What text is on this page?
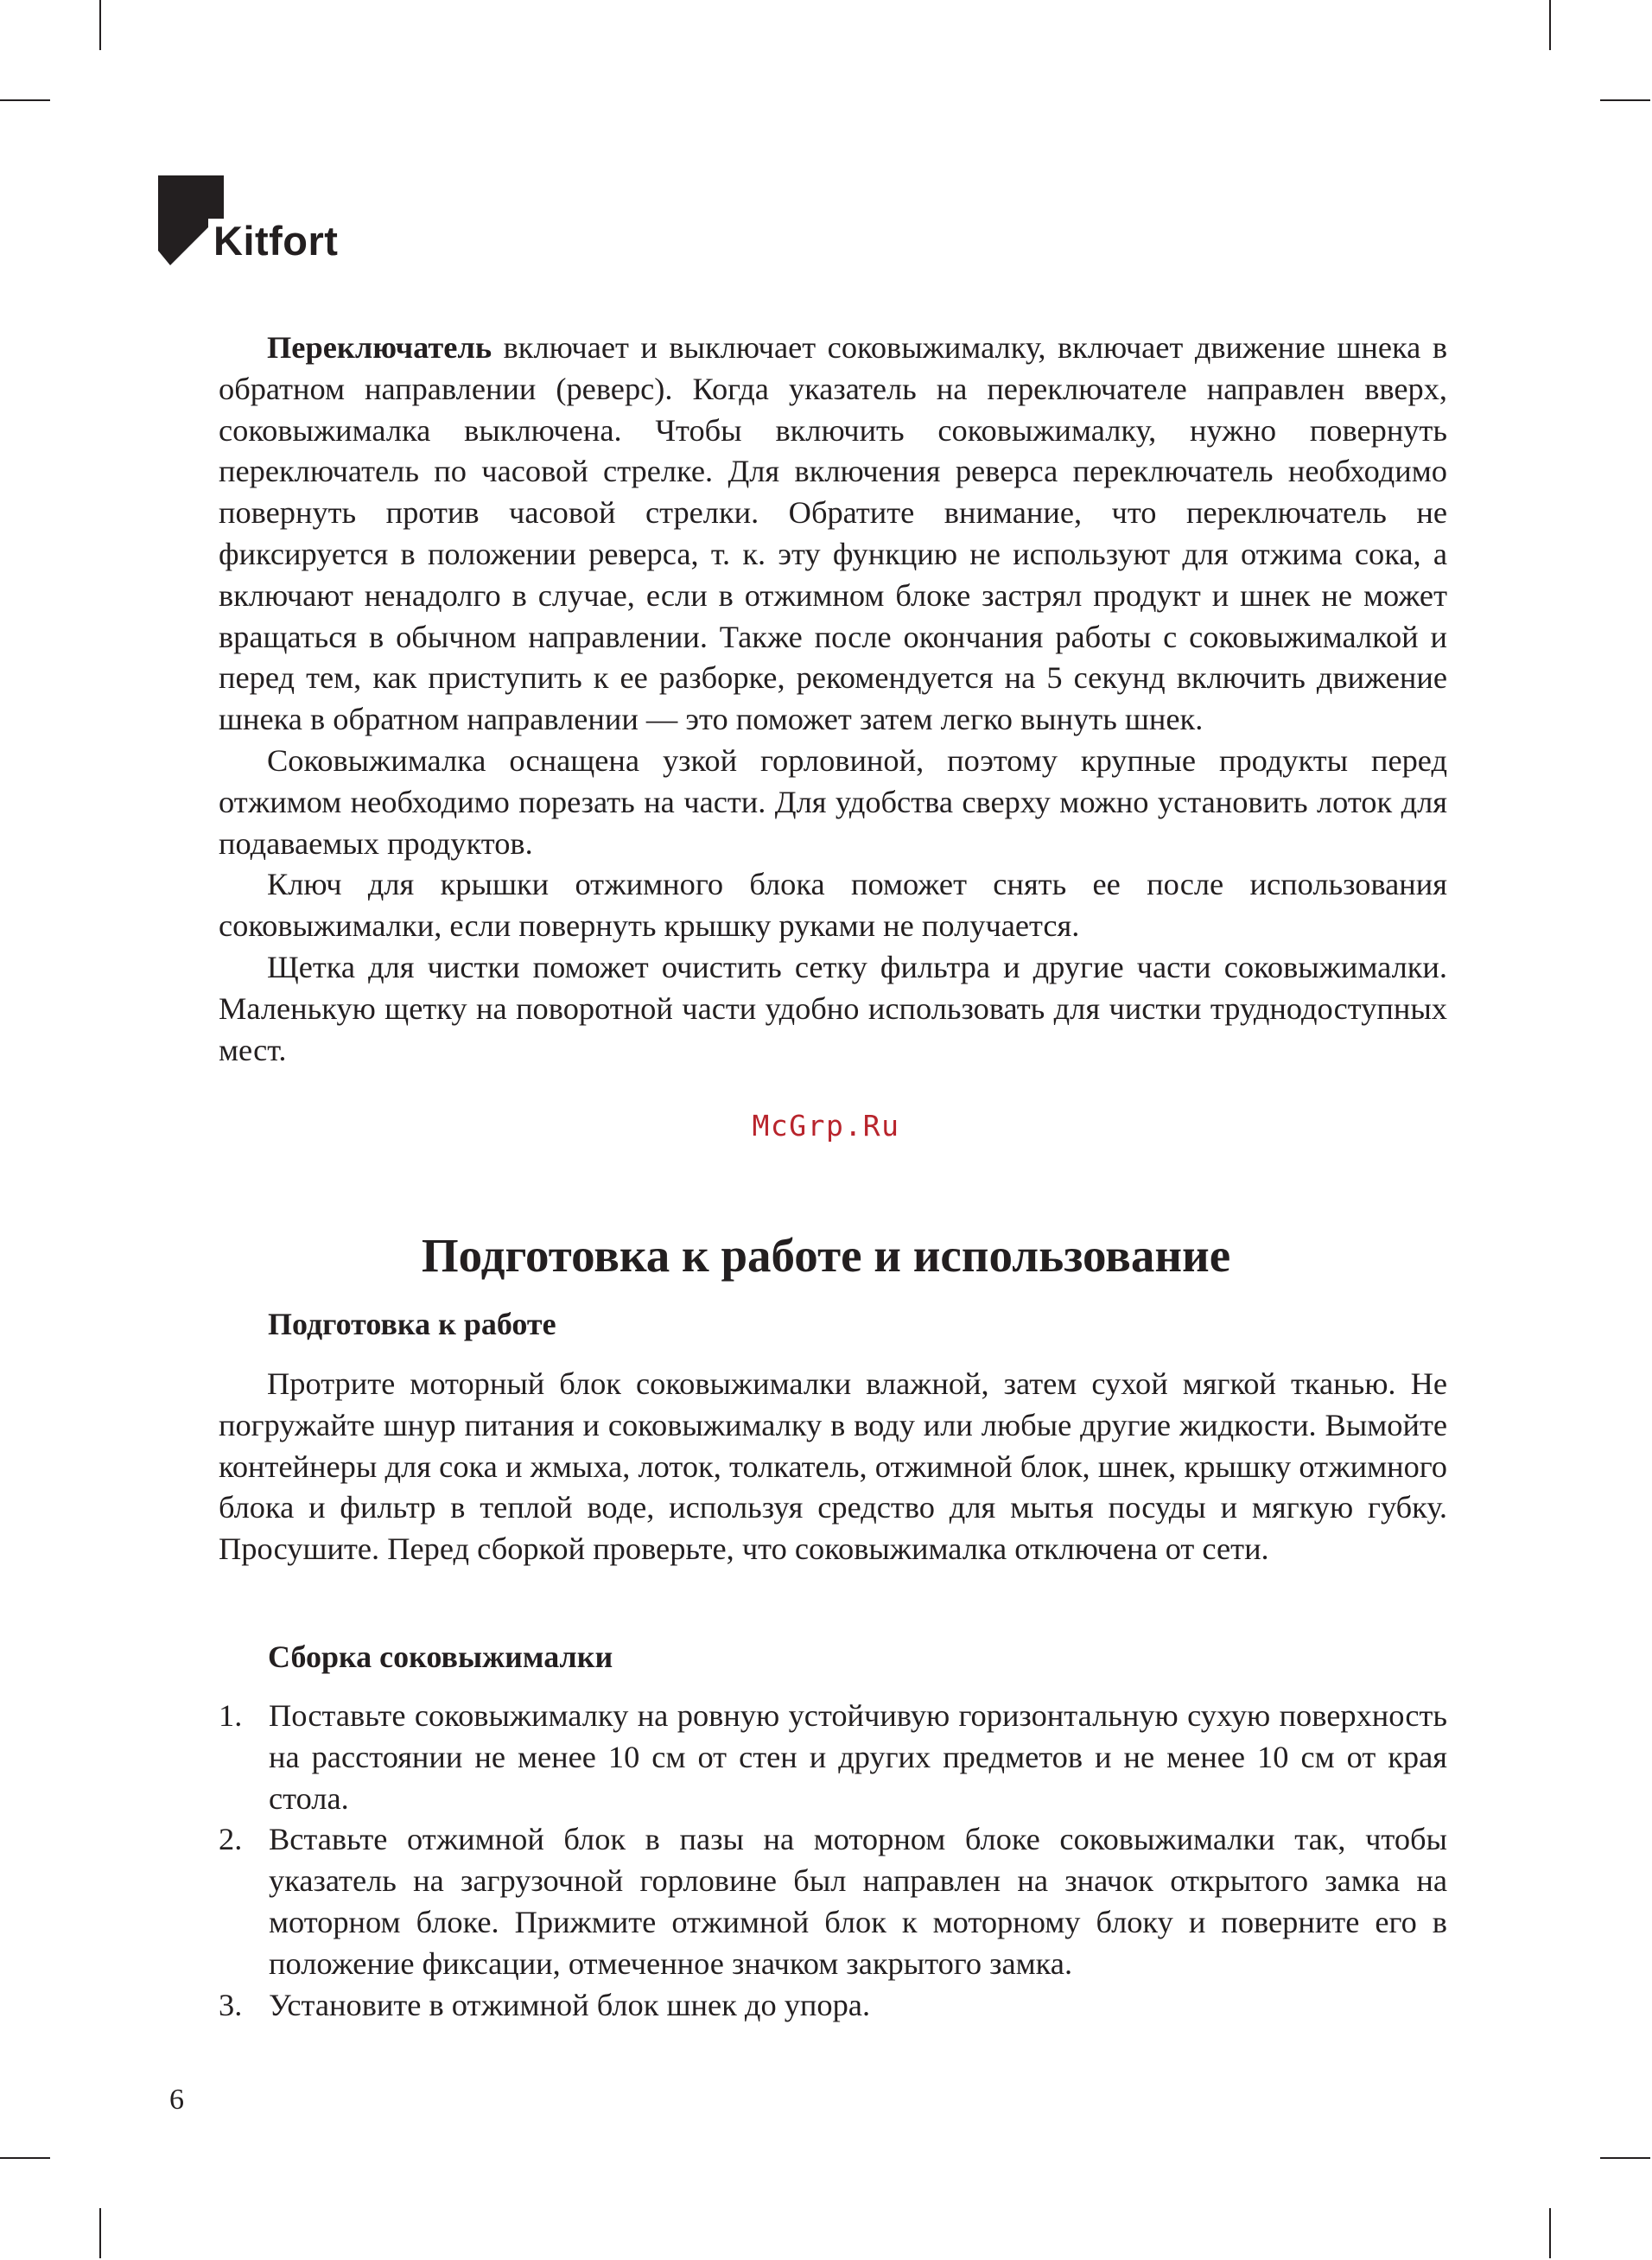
Kitfort

Переключатель включает и выключает соковыжималку, включает движение шнека в обратном направлении (реверс). Когда указатель на переключателе направлен вверх, соковыжималка выключена. Чтобы включить соковыжималку, нужно повернуть переключатель по часовой стрелке. Для включения реверса переключатель необходимо повернуть против часовой стрелки. Обратите внимание, что переключатель не фиксируется в положении реверса, т. к. эту функцию не используют для отжима сока, а включают ненадолго в случае, если в отжимном блоке застрял продукт и шнек не может вращаться в обычном направлении. Также после окончания работы с соковыжималкой и перед тем, как приступить к ее разборке, рекомендуется на 5 секунд включить движение шнека в обратном направлении — это поможет затем легко вынуть шнек.

Соковыжималка оснащена узкой горловиной, поэтому крупные продукты перед отжимом необходимо порезать на части. Для удобства сверху можно установить лоток для подаваемых продуктов.

Ключ для крышки отжимного блока поможет снять ее после использования соковыжималки, если повернуть крышку руками не получается.

Щетка для чистки поможет очистить сетку фильтра и другие части соковыжималки. Маленькую щетку на поворотной части удобно использовать для чистки труднодоступных мест.

McGrp.Ru
Подготовка к работе и использование
Подготовка к работе

Протрите моторный блок соковыжималки влажной, затем сухой мягкой тканью. Не погружайте шнур питания и соковыжималку в воду или любые другие жидкости. Вымойте контейнеры для сока и жмыха, лоток, толкатель, отжимной блок, шнек, крышку отжимного блока и фильтр в теплой воде, используя средство для мытья посуды и мягкую губку. Просушите. Перед сборкой проверьте, что соковыжималка отключена от сети.

Сборка соковыжималки
1. Поставьте соковыжималку на ровную устойчивую горизонтальную сухую поверхность на расстоянии не менее 10 см от стен и других предметов и не менее 10 см от края стола.
2. Вставьте отжимной блок в пазы на моторном блоке соковыжималки так, чтобы указатель на загрузочной горловине был направлен на значок открытого замка на моторном блоке. Прижмите отжимной блок к моторному блоку и поверните его в положение фиксации, отмеченное значком закрытого замка.
3. Установите в отжимной блок шнек до упора.
6
